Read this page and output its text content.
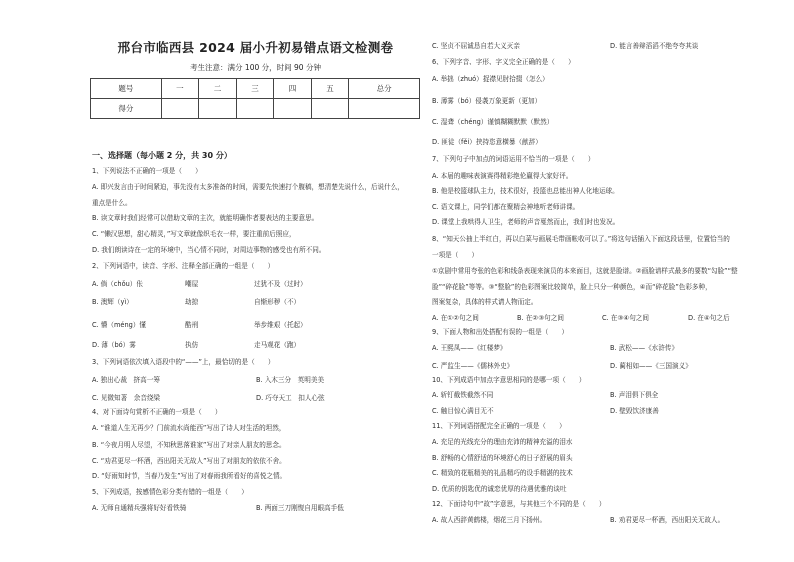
邢台市临西县 2024 届小升初易错点语文检测卷
考生注意：满分 100 分，时间 90 分钟
题号	一	二	三	四	五	总分
得分						
一、选择题（每小题 2 分，共 30 分）
1、下列说法不正确的一项是（　　）
A. 即兴发言由于时间紧迫，事先没有太多准备的时间，需要先快速打个腹稿，想清楚先说什么，后说什么，
重点是什么。
B. 读文章时我们经常可以借助文章的主次，就能明确作者要表达的主要意思。
C. “懒汉思想，甜心精灵，”写文章就像织毛衣一样，要注重前后照应，
D. 我们朗读诗在一定的环境中，当心情不同时，对周边事物的感受也有所不同。
2、下列词语中，读音、字形、注释全部正确的一组是（　　）
A. 倘（chǒu）伥	嘲屋	过犹不及（过时）
B. 澳辉（yì）	劫掠	自惭形秽（不）
C. 懵（méng）懂	酷刑	举步维艰（托起）
D. 薄（bó）雾	执仿	走马观花（跑）
3、下列词语依次填入语段中的“——”上，最恰切的是（　　）
A. 独出心裁　挤高一筹	B. 入木三分　英明美美
C. 见微知著　余音绕梁	D. 巧夺天工　扣人心弦
4、对下面诗句赏析不正确的一项是（　　）
A. “谁道人生无再少？门前流水尚能西”写出了诗人对生活的坦然，
B. “今夜月明人尽望，不知秋思落谁家”写出了对亲人朋友的思念。
C. “劝君更尽一杯酒，西出阳关无故人”写出了对朋友的依依不舍。
D. “好雨知时节，当春乃发生”写出了对春雨我所看好的喜悦之情。
5、下列成语，按感情色彩分类有错的一组是（　　）
A. 无师自通精兵强将好好看铁骑	B. 两面三刀刚愎自用眼高手低
C. 坚贞不屈诚恳自若大义灭亲	D. 能言善辩滔滔不绝夸夸其谈
6、下列字音、字形、字义完全正确的是（　　）
A. 举拙（zhuó）捉襟见肘拾掇（怎么）
B. 薄雾（bó）侵袭万象更新（更加）
C. 湿聋（chéng）谨慎糊糊默默（默然）
D. 匪徒（fěi）挟持恣意横暴（献辞）
7、下列句子中加点的词语运用不恰当的一项是（　　）
A. 本届的趣味表演赛得精彩绝伦赢得大家好评。
B. 他是校篮球队主力，技术很好，投篮也总能出神人化地运球。
C. 语文课上，同学们都在聚精会神地听老师讲课。
D. 课堂上我哄得人卫生，老师的声音戛然而止，我们时也发况。
8、“知天公抽上半红白，再以白菜与画展毛带画帐收可以了。”将这句话插入下面这段话里，位置恰当的
一项是（　　）
①京剧中常用夸张的色彩和线条表现来演员的本来面目，这就是脸谱。②画脸谱样式最多的要数“勾脸”“整
脸”“碎花脸”等等。③“整脸”的色彩图案比较简单，脸上只分一种颜色，④而“碎花脸”色彩多种，
图案复杂，具体的样式请人物而定。
A. 在①②句之间	B. 在②③句之间	C. 在③④句之间	D. 在④句之后
9、下面人物和出处搭配有误的一组是（　　）
A. 王熙凤——《红楼梦》	B. 武松——《水浒传》
C. 严监生——《儒林外史》	D. 蔺相如——《三国演义》
10、下列成语中加点字意思相同的是哪一项（　　）
A. 斩钉截铁截然不同	B. 声泪俱下俱全
C. 触目惊心满目无不	D. 壁毁饮济康善
11、下列词语搭配完全正确的一项是（　　）
A. 充足的光线充分的理由充沛的精神充溢的泪水
B. 舒畅的心情舒适的环境舒心的日子舒展的眉头
C. 精致的花瓶精美的礼品精巧的设手精湛的技术
D. 优质的钥匙优的诚恋优厚的待遇优雅的谈吐
12、下面诗句中“故”字意思，与其他三个不同的是（　　）
A. 故人西辞黄鹤楼，烟花三月下扬州。	B. 劝君更尽一杯酒，西出阳关无故人。
